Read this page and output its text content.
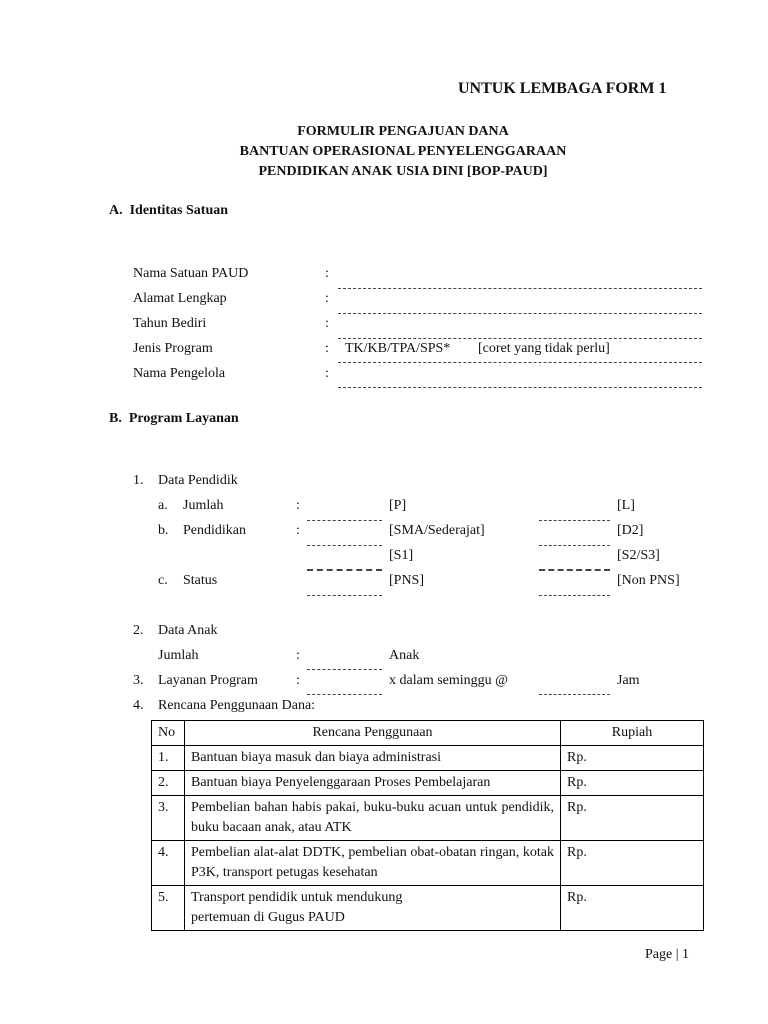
UNTUK LEMBAGA FORM 1
FORMULIR PENGAJUAN DANA
BANTUAN OPERASIONAL PENYELENGGARAAN
PENDIDIKAN ANAK USIA DINI [BOP-PAUD]
A.  Identitas Satuan
Nama Satuan PAUD	:
Alamat Lengkap	:
Tahun Bediri	:
Jenis Program	: TK/KB/TPA/SPS* [coret yang tidak perlu]
Nama Pengelola	:
B.  Program Layanan
1. Data Pendidik
a. Jumlah	:	[P]	[L]
b. Pendidikan	:	[SMA/Sederajat]	[D2]
[S1]	[S2/S3]
c. Status	[PNS]	[Non PNS]
2. Data Anak
Jumlah	:	Anak
3. Layanan Program	:	x dalam seminggu @	Jam
4. Rencana Penggunaan Dana:
No	Rencana Penggunaan	Rupiah
1.	Bantuan biaya masuk dan biaya administrasi	Rp.
2.	Bantuan biaya Penyelenggaraan Proses Pembelajaran	Rp.
3.	Pembelian bahan habis pakai, buku-buku acuan untuk pendidik, buku bacaan anak, atau ATK	Rp.
4.	Pembelian alat-alat DDTK, pembelian obat-obatan ringan, kotak P3K, transport petugas kesehatan	Rp.
5.	Transport pendidik untuk mendukung pertemuan di Gugus PAUD	Rp.
Page | 1
